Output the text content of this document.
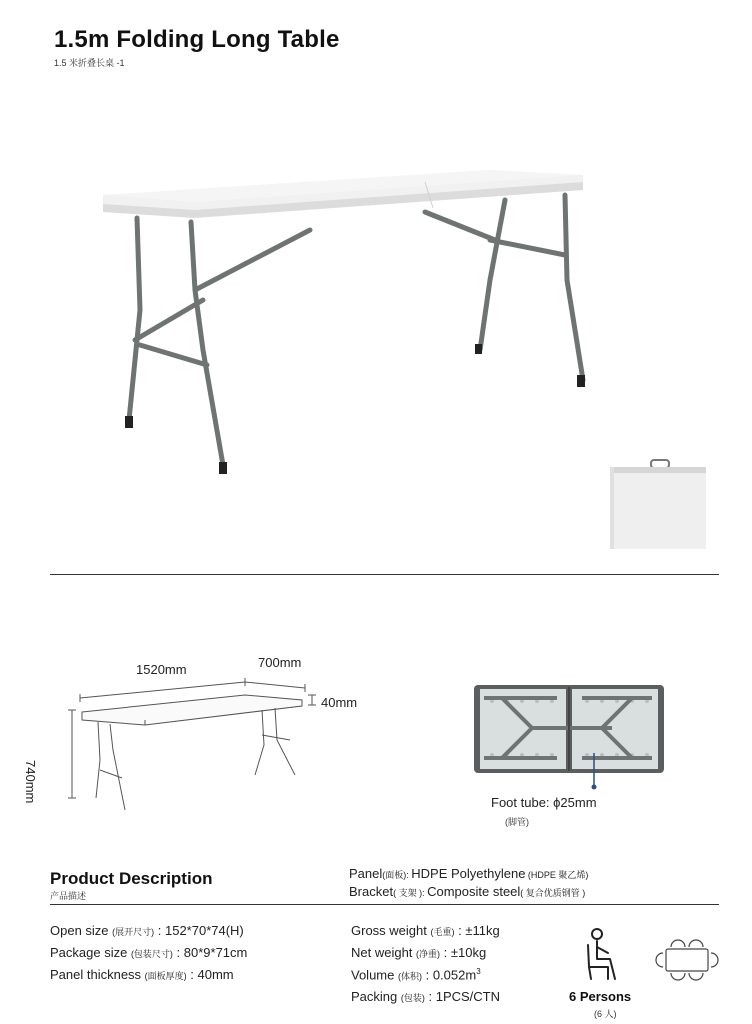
1.5m Folding Long Table
1.5 米折叠长桌 -1
1520mm	700mm
40mm
740mm	Foot tube: ϕ25mm
(脚管)
Product Description
产品描述
Panel(面板): HDPE Polyethylene (HDPE 聚乙烯)
Bracket( 支架 ): Composite steel( 复合优质钢管 )
Open size (展开尺寸) : 152*70*74(H)
Package size (包装尺寸) : 80*9*71cm
Panel thickness (面板厚度) : 40mm
Gross weight (毛重) : ±11kg
Net weight (净重) : ±10kg
Volume (体积) : $0.052m^3$
Packing (包装) : 1PCS/CTN	6 Persons
(6 人)
